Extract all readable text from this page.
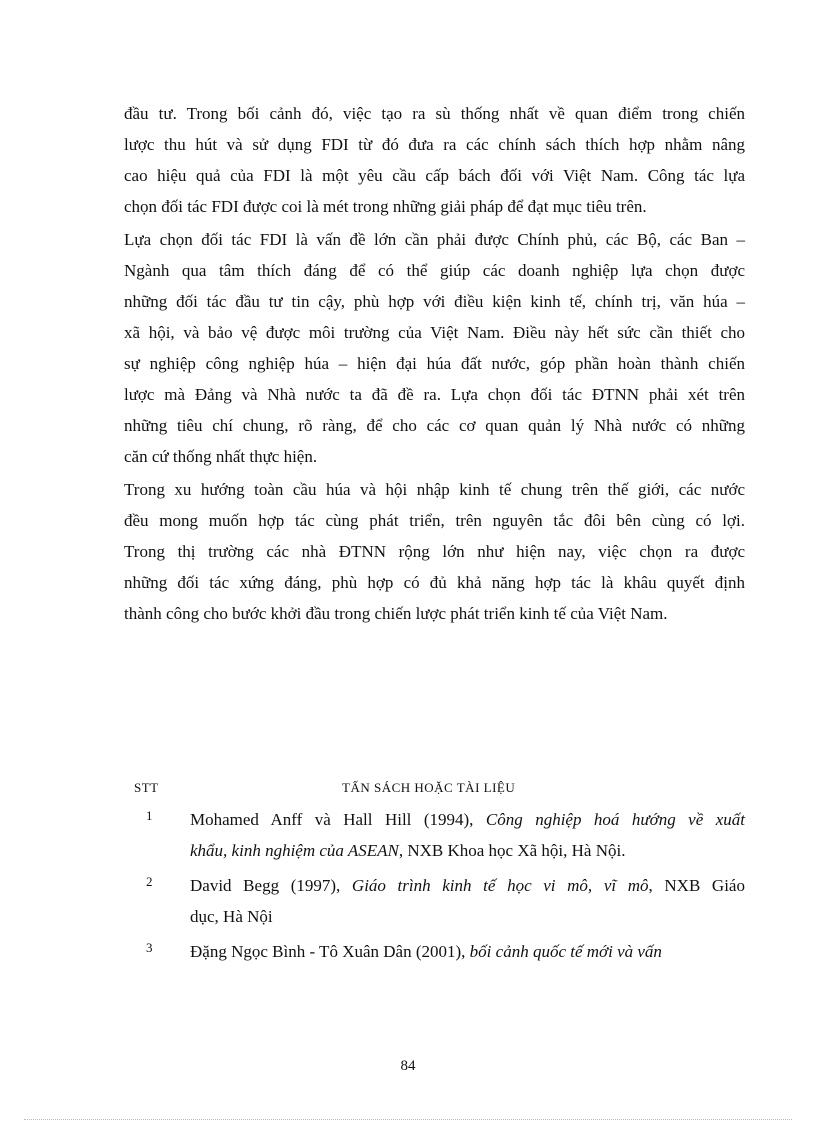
đầu tư. Trong bối cảnh đó, việc tạo ra sù thống nhất về quan điểm trong chiến
lược thu hút và sử dụng FDI từ đó đưa ra các chính sách thích hợp nhằm nâng
cao hiệu quả của FDI là một yêu cầu cấp bách đối với Việt Nam. Công tác lựa
chọn đối tác FDI được coi là mét trong những giải pháp để đạt mục tiêu trên.
Lựa chọn đối tác FDI là vấn đề lớn cần phải được Chính phủ, các Bộ, các Ban –
Ngành qua tâm thích đáng để có thể giúp các doanh nghiệp lựa chọn được
những đối tác đầu tư tin cậy, phù hợp với điều kiện kinh tế, chính trị, văn húa –
xã hội, và bảo vệ được môi trường của Việt Nam. Điều này hết sức cần thiết cho
sự nghiệp công nghiệp húa – hiện đại húa đất nước, góp phần hoàn thành chiến
lược mà Đảng và Nhà nước ta đã đề ra. Lựa chọn đối tác ĐTNN phải xét trên
những tiêu chí chung, rõ ràng, để cho các cơ quan quản lý Nhà nước có những
căn cứ thống nhất thực hiện.
Trong xu hướng toàn cầu húa và hội nhập kinh tế chung trên thế giới, các nước
đều mong muốn hợp tác cùng phát triển, trên nguyên tắc đôi bên cùng có lợi.
Trong thị trường các nhà ĐTNN rộng lớn như hiện nay, việc chọn ra được
những đối tác xứng đáng, phù hợp có đủ khả năng hợp tác là khâu quyết định
thành công cho bước khởi đầu trong chiến lược phát triển kinh tế của Việt Nam.
STT	TẤN SÁCH HOẶC TÀI LIỆU
1 Mohamed Anff và Hall Hill (1994), Công nghiệp hoá hướng về xuất
khẩu, kinh nghiệm của ASEAN, NXB Khoa học Xã hội, Hà Nội.
2 David Begg (1997), Giáo trình kinh tế học vi mô, vĩ mô, NXB Giáo
dục, Hà Nội
3 Đặng Ngọc Bình - Tô Xuân Dân (2001), bối cảnh quốc tế mới và vấn
84
